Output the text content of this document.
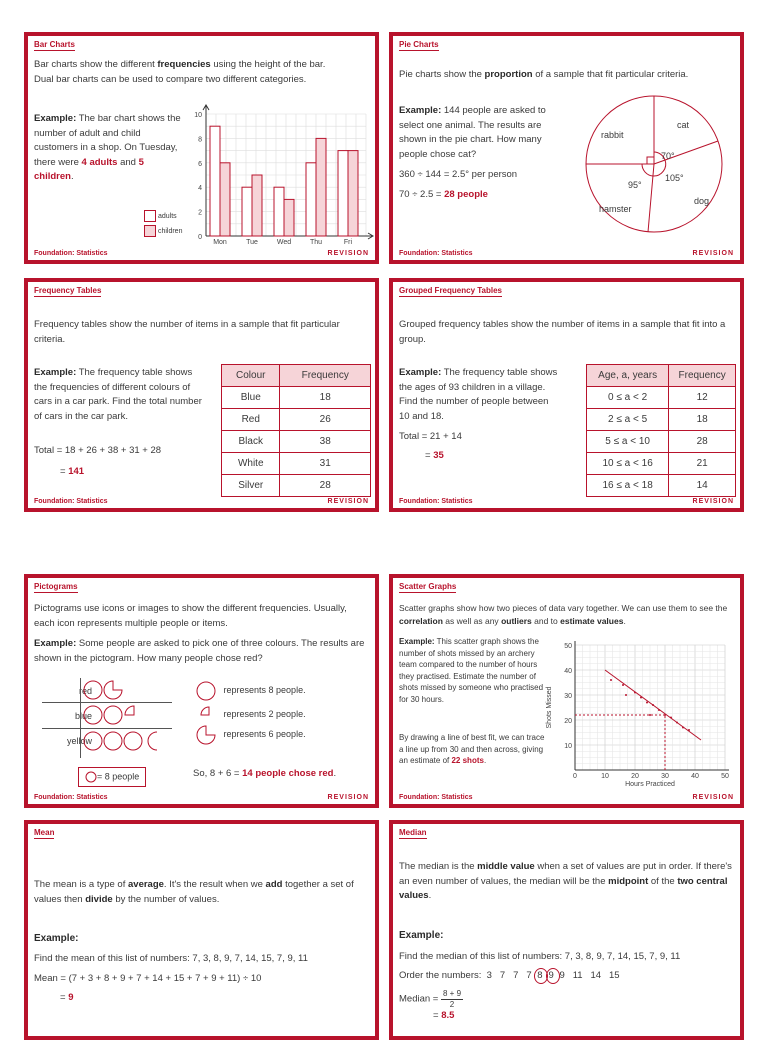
Bar Charts
Bar charts show the different frequencies using the height of the bar. Dual bar charts can be used to compare two different categories.
Example: The bar chart shows the number of adult and child customers in a shop. On Tuesday, there were 4 adults and 5 children.
adults
children
0
2
4
6
8
10
Mon	Tue	Wed	Thu	Fri
Foundation: Statistics	REVISION
Pie Charts
Pie charts show the proportion of a sample that fit particular criteria.
Example: 144 people are asked to select one animal. The results are shown in the pie chart. How many people chose cat?
360 ÷ 144 = 2.5° per person
70 ÷ 2.5 = 28 people
rabbit
cat
dog
hamster
70°
105°
95°
Foundation: Statistics	REVISION
Frequency Tables
Frequency tables show the number of items in a sample that fit particular criteria.
Example: The frequency table shows the frequencies of different colours of cars in a car park. Find the total number of cars in the car park.
Total = 18 + 26 + 38 + 31 + 28
= 141
Colour	Frequency
Blue	18
Red	26
Black	38
White	31
Silver	28
Foundation: Statistics	REVISION
Grouped Frequency Tables
Grouped frequency tables show the number of items in a sample that fit into a group.
Example: The frequency table shows the ages of 93 children in a village. Find the number of people between 10 and 18.
Total = 21 + 14
= 35
Age, a, years	Frequency
0 ≤ a < 2	12
2 ≤ a < 5	18
5 ≤ a < 10	28
10 ≤ a < 16	21
16 ≤ a < 18	14
Foundation: Statistics	REVISION
Pictograms
Pictograms use icons or images to show the different frequencies. Usually, each icon represents multiple people or items.
Example: Some people are asked to pick one of three colours. The results are shown in the pictogram. How many people chose red?
red
blue
yellow
represents 8 people.
represents 2 people.
represents 6 people.
= 8 people	So, 8 + 6 = 14 people chose red.
Foundation: Statistics	REVISION
Scatter Graphs
Scatter graphs show how two pieces of data vary together. We can use them to see the correlation as well as any outliers and to estimate values.
Example: This scatter graph shows the number of shots missed by an archery team compared to the number of hours they practised. Estimate the number of shots missed by someone who practised for 30 hours.
By drawing a line of best fit, we can trace a line up from 30 and then across, giving an estimate of 22 shots.
0	10	20	30	40	50
10
20
30
40
50
Hours Practiced
Shots Missed
Foundation: Statistics	REVISION
Mean
The mean is a type of average. It's the result when we add together a set of values then divide by the number of values.
Example:
Find the mean of this list of numbers: 7, 3, 8, 9, 7, 14, 15, 7, 9, 11
Mean = (7 + 3 + 8 + 9 + 7 + 14 + 15 + 7 + 9 + 11) ÷ 10
= 9
Median
The median is the middle value when a set of values are put in order. If there's an even number of values, the median will be the midpoint of the two central values.
Example:
Find the median of this list of numbers: 7, 3, 8, 9, 7, 14, 15, 7, 9, 11
Order the numbers: 3 7 7 7 8 9 9 11 14 15
Median = $\frac{8 + 9}{2}$
= 8.5
